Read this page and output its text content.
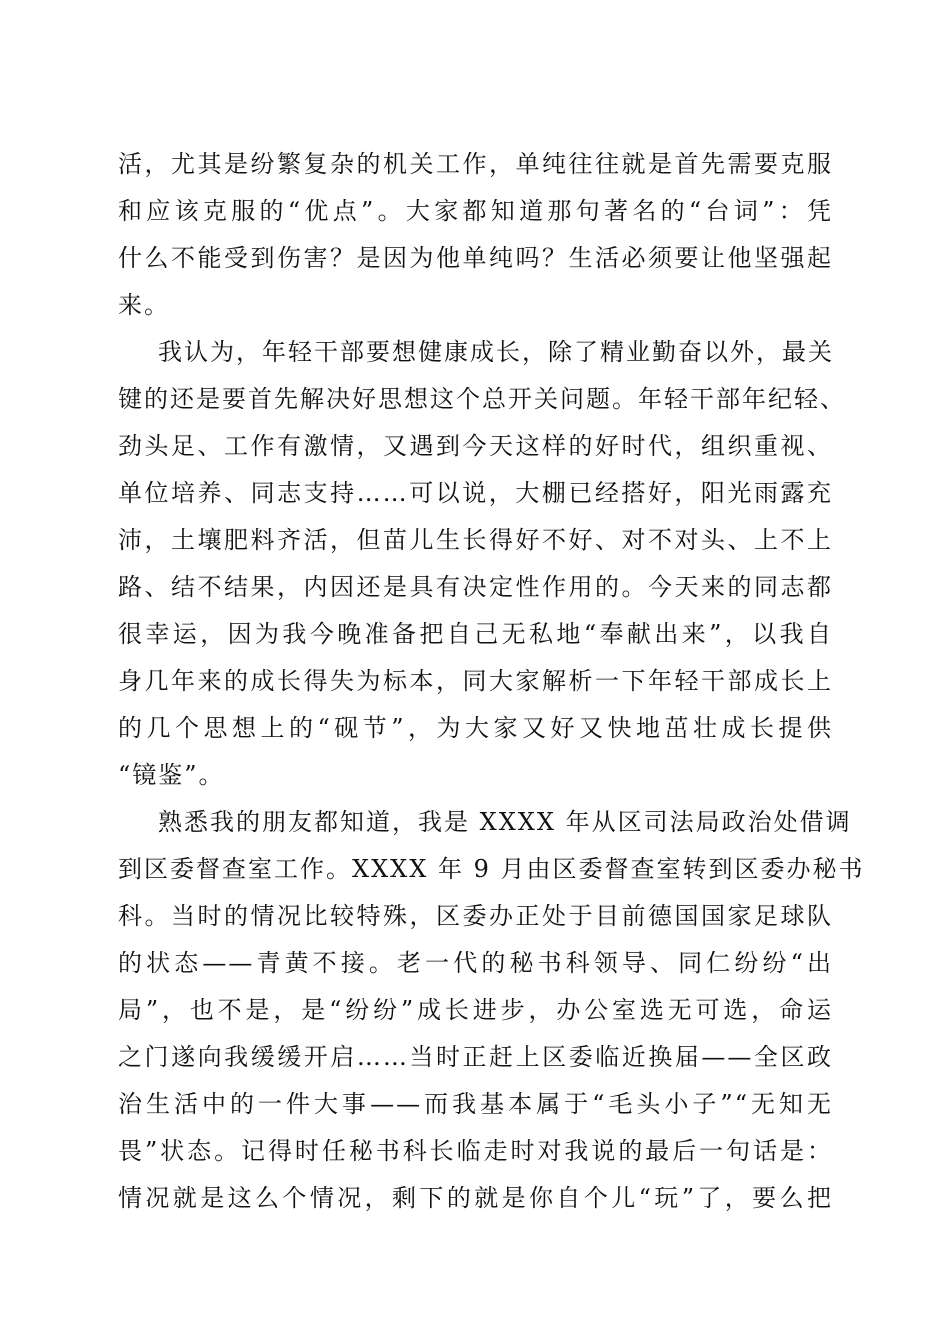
活，尤其是纷繁复杂的机关工作，单纯往往就是首先需要克服
和应该克服的“优点”。大家都知道那句著名的“台词”：凭
什么不能受到伤害？是因为他单纯吗？生活必须要让他坚强起
来。
我认为，年轻干部要想健康成长，除了精业勤奋以外，最关
键的还是要首先解决好思想这个总开关问题。年轻干部年纪轻、
劲头足、工作有激情，又遇到今天这样的好时代，组织重视、
单位培养、同志支持……可以说，大棚已经搭好，阳光雨露充
沛，土壤肥料齐活，但苗儿生长得好不好、对不对头、上不上
路、结不结果，内因还是具有决定性作用的。今天来的同志都
很幸运，因为我今晚准备把自己无私地“奉献出来”，以我自
身几年来的成长得失为标本，同大家解析一下年轻干部成长上
的几个思想上的“砚节”，为大家又好又快地茁壮成长提供
“镜鉴”。
熟悉我的朋友都知道，我是 XXXX 年从区司法局政治处借调
到区委督查室工作。XXXX 年 9 月由区委督查室转到区委办秘书
科。当时的情况比较特殊，区委办正处于目前德国国家足球队
的状态——青黄不接。老一代的秘书科领导、同仁纷纷“出
局”，也不是，是“纷纷”成长进步，办公室选无可选，命运
之门遂向我缓缓开启……当时正赶上区委临近换届——全区政
治生活中的一件大事——而我基本属于“毛头小子”“无知无
畏”状态。记得时任秘书科长临走时对我说的最后一句话是：
情况就是这么个情况，剩下的就是你自个儿“玩”了，要么把
